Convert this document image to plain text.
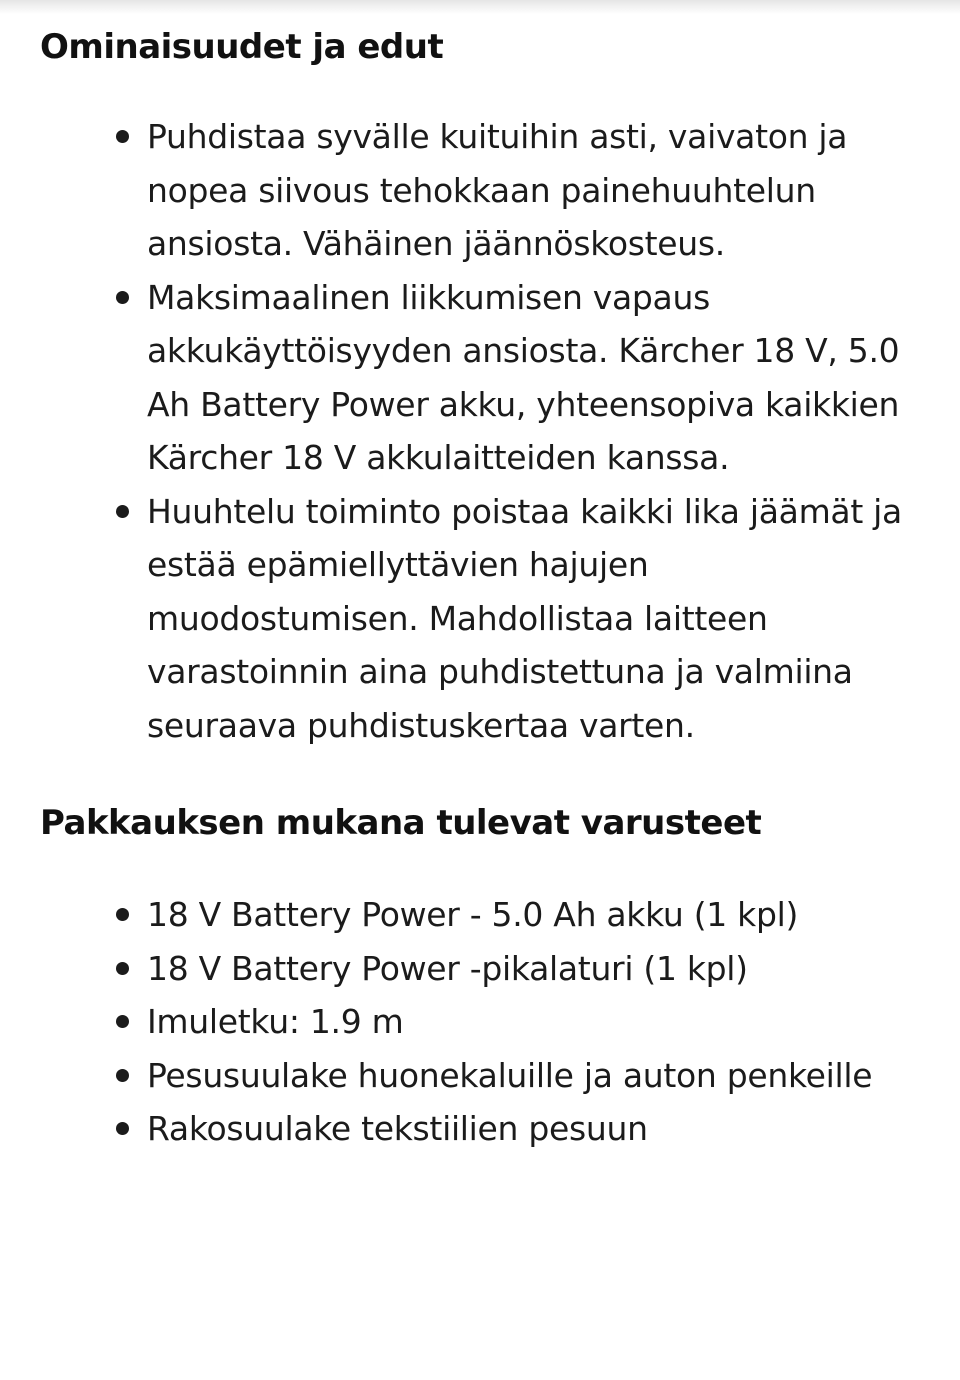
Ominaisuudet ja edut
Puhdistaa syvälle kuituihin asti, vaivaton ja nopea siivous tehokkaan painehuuhtelun ansiosta. Vähäinen jäännöskosteus.
Maksimaalinen liikkumisen vapaus akkukäyttöisyyden ansiosta. Kärcher 18 V, 5.0 Ah Battery Power akku, yhteensopiva kaikkien Kärcher 18 V akkulaitteiden kanssa.
Huuhtelu toiminto poistaa kaikki lika jäämät ja estää epämiellyttävien hajujen muodostumisen. Mahdollistaa laitteen varastoinnin aina puhdistettuna ja valmiina seuraava puhdistuskertaa varten.
Pakkauksen mukana tulevat varusteet
18 V Battery Power - 5.0 Ah akku (1 kpl)
18 V Battery Power -pikalaturi (1 kpl)
Imuletku: 1.9 m
Pesusuulake huonekaluille ja auton penkeille
Rakosuulake tekstiilien pesuun
